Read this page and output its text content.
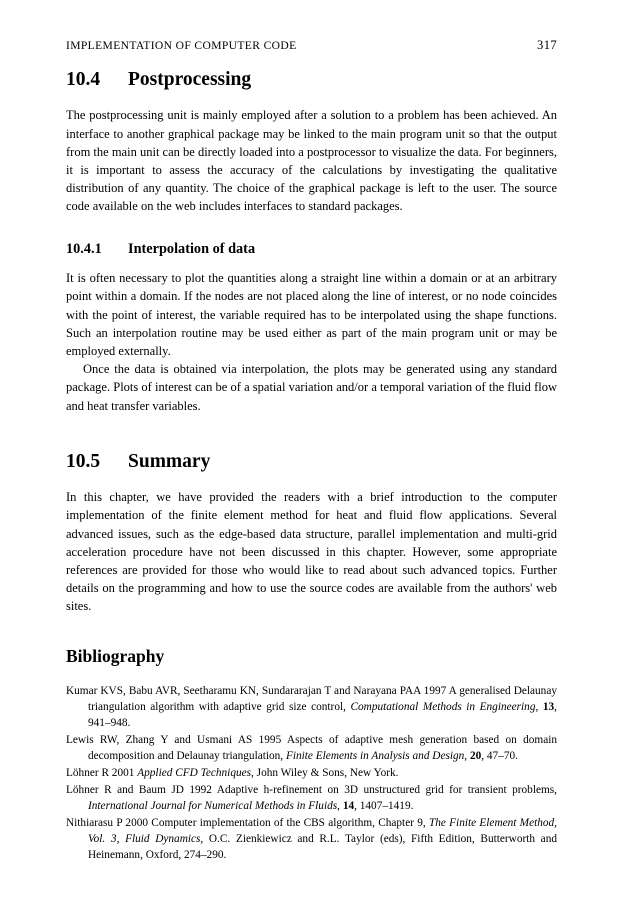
IMPLEMENTATION OF COMPUTER CODE	317
10.4 Postprocessing

The postprocessing unit is mainly employed after a solution to a problem has been achieved. An interface to another graphical package may be linked to the main program unit so that the output from the main unit can be directly loaded into a postprocessor to visualize the data. For beginners, it is important to assess the accuracy of the calculations by investigating the qualitative distribution of any quantity. The choice of the graphical package is left to the user. The source code available on the web includes interfaces to standard packages.

10.4.1 Interpolation of data

It is often necessary to plot the quantities along a straight line within a domain or at an arbitrary point within a domain. If the nodes are not placed along the line of interest, or no node coincides with the point of interest, the variable required has to be interpolated using the shape functions. Such an interpolation routine may be used either as part of the main program unit or may be employed externally.

Once the data is obtained via interpolation, the plots may be generated using any standard package. Plots of interest can be of a spatial variation and/or a temporal variation of the fluid flow and heat transfer variables.

10.5 Summary

In this chapter, we have provided the readers with a brief introduction to the computer implementation of the finite element method for heat and fluid flow applications. Several advanced issues, such as the edge-based data structure, parallel implementation and multi-grid acceleration procedure have not been discussed in this chapter. However, some appropriate references are provided for those who would like to read about such advanced topics. Further details on the programming and how to use the source codes are available from the authors' web sites.

Bibliography
Kumar KVS, Babu AVR, Seetharamu KN, Sundararajan T and Narayana PAA 1997 A generalised Delaunay triangulation algorithm with adaptive grid size control, Computational Methods in Engineering, 13, 941–948.
Lewis RW, Zhang Y and Usmani AS 1995 Aspects of adaptive mesh generation based on domain decomposition and Delaunay triangulation, Finite Elements in Analysis and Design, 20, 47–70.
Löhner R 2001 Applied CFD Techniques, John Wiley & Sons, New York.
Löhner R and Baum JD 1992 Adaptive h-refinement on 3D unstructured grid for transient problems, International Journal for Numerical Methods in Fluids, 14, 1407–1419.
Nithiarasu P 2000 Computer implementation of the CBS algorithm, Chapter 9, The Finite Element Method, Vol. 3, Fluid Dynamics, O.C. Zienkiewicz and R.L. Taylor (eds), Fifth Edition, Butterworth and Heinemann, Oxford, 274–290.
